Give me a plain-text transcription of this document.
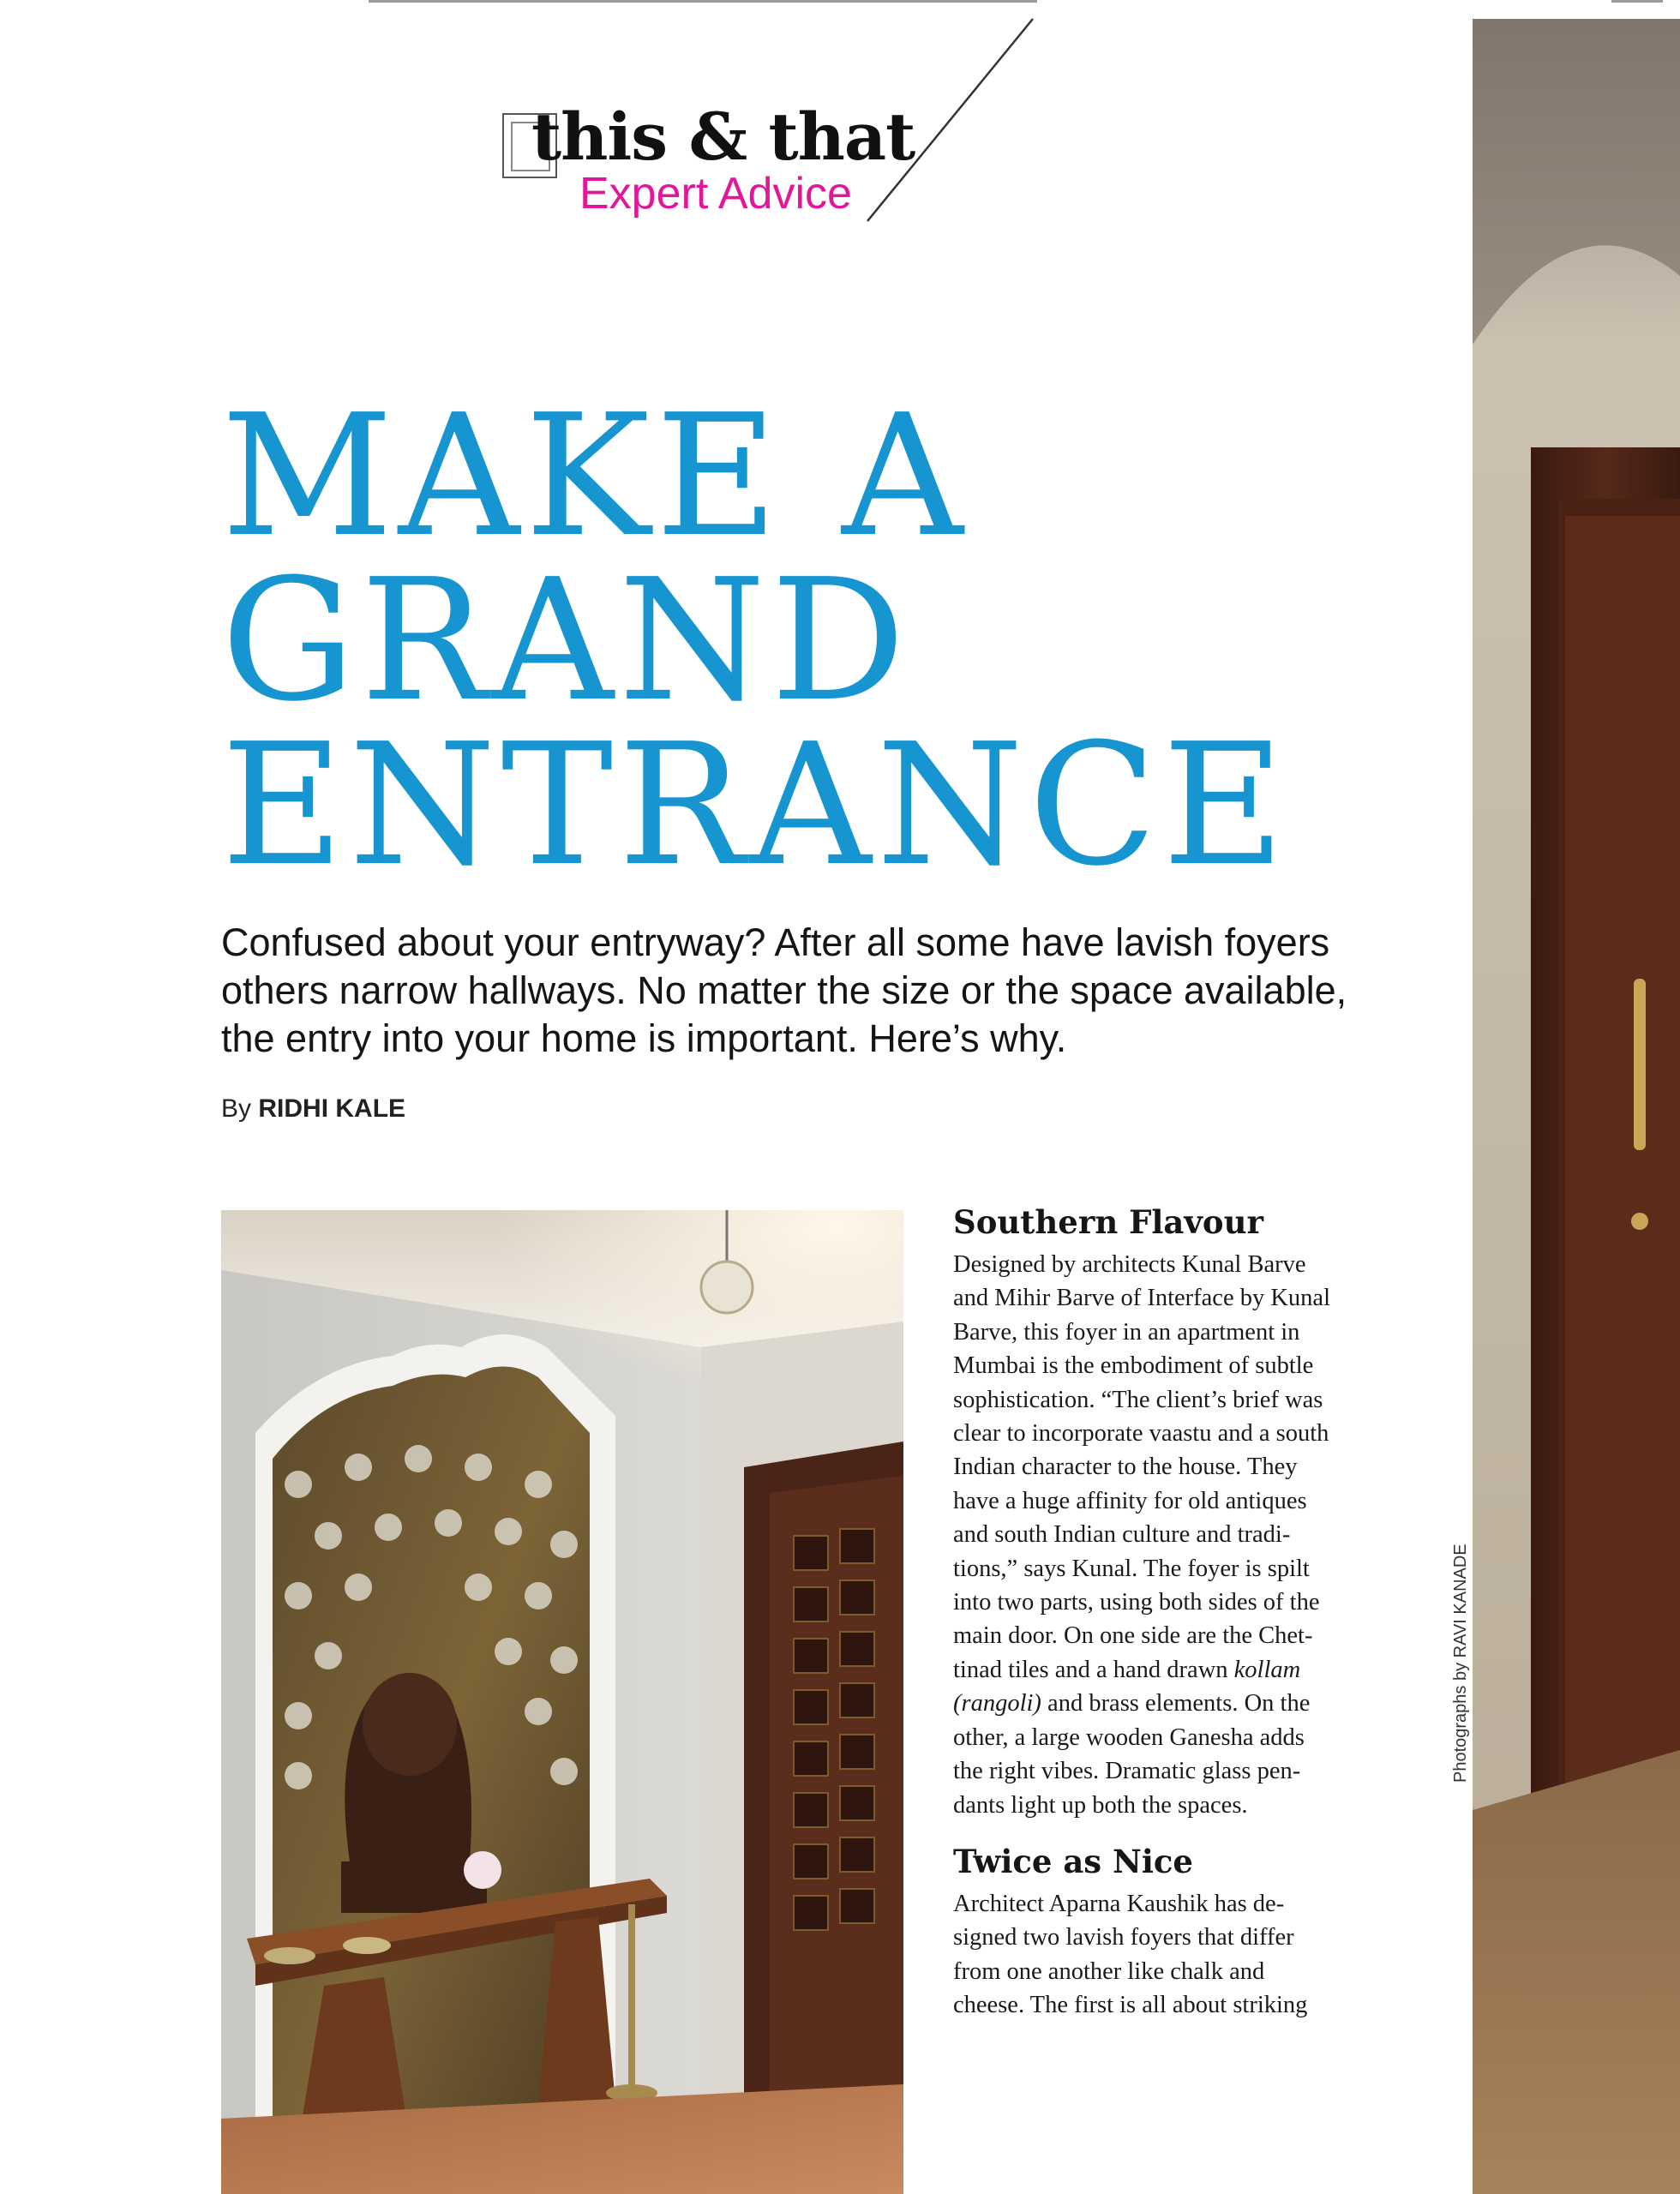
this & that
Expert Advice
MAKE A
GRAND
ENTRANCE

Confused about your entryway? After all some have lavish foyers others narrow hallways. No matter the size or the space available, the entry into your home is important. Here’s why.

By RIDHI KALE
Southern Flavour

Designed by architects Kunal Barve
and Mihir Barve of Interface by Kunal
Barve, this foyer in an apartment in
Mumbai is the embodiment of subtle
sophistication. “The client’s brief was
clear to incorporate vaastu and a south
Indian character to the house. They
have a huge affinity for old antiques
and south Indian culture and tradi-
tions,” says Kunal. The foyer is spilt
into two parts, using both sides of the
main door. On one side are the Chet-
tinad tiles and a hand drawn kollam
(rangoli) and brass elements. On the
other, a large wooden Ganesha adds
the right vibes. Dramatic glass pen-
dants light up both the spaces.

Twice as Nice

Architect Aparna Kaushik has de-
signed two lavish foyers that differ
from one another like chalk and
cheese. The first is all about striking

Photographs by RAVI KANADE
